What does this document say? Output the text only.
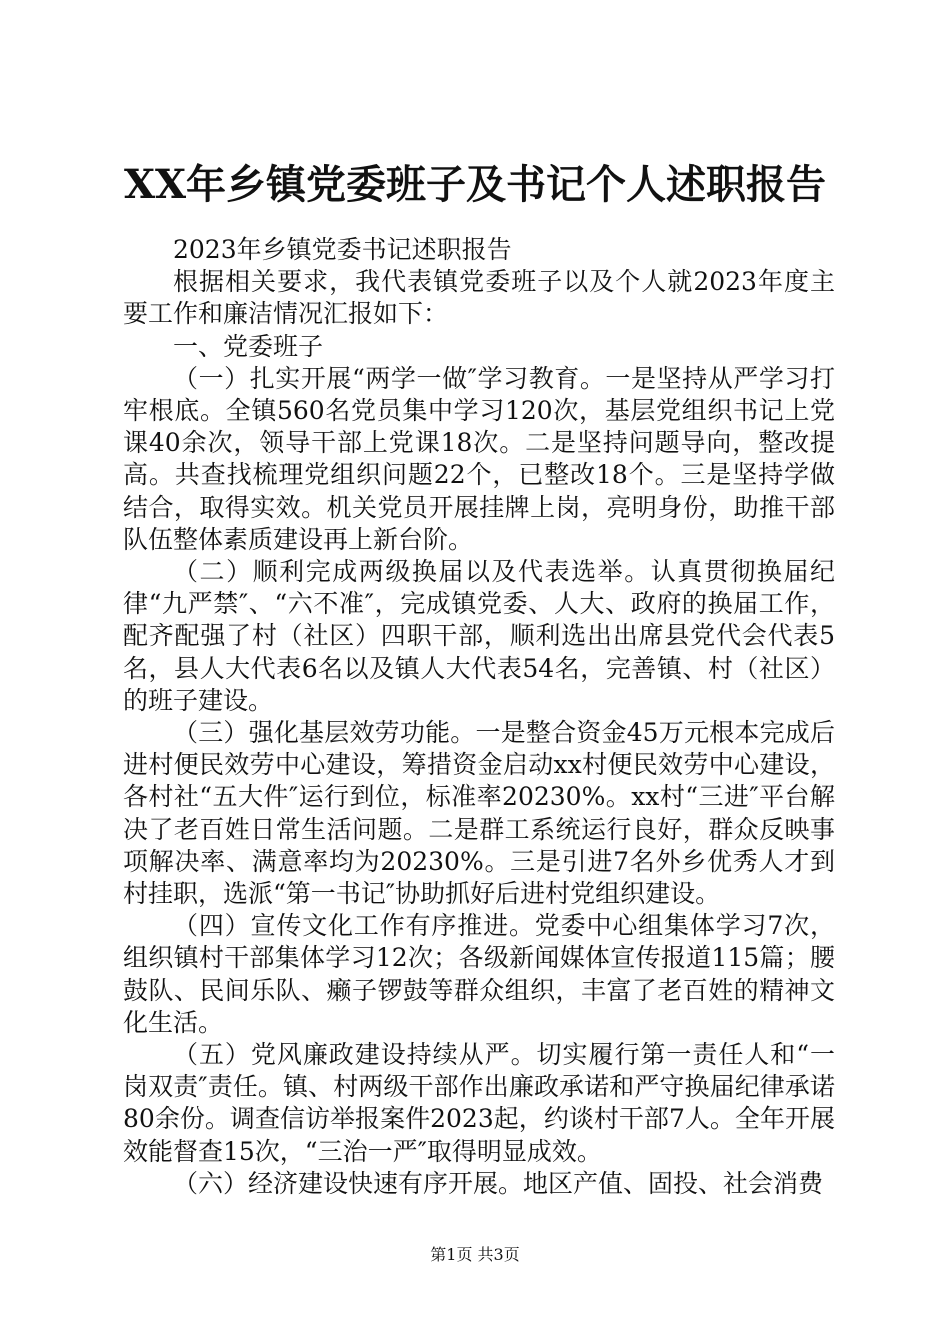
XX年乡镇党委班子及书记个人述职报告

2023年乡镇党委书记述职报告

根据相关要求，我代表镇党委班子以及个人就2023年度主要工作和廉洁情况汇报如下：

一、党委班子

（一）扎实开展“两学一做″学习教育。一是坚持从严学习打牢根底。全镇560名党员集中学习120次，基层党组织书记上党课40余次，领导干部上党课18次。二是坚持问题导向，整改提高。共查找梳理党组织问题22个，已整改18个。三是坚持学做结合，取得实效。机关党员开展挂牌上岗，亮明身份，助推干部队伍整体素质建设再上新台阶。

（二）顺利完成两级换届以及代表选举。认真贯彻换届纪律“九严禁″、“六不准″，完成镇党委、人大、政府的换届工作，配齐配强了村（社区）四职干部，顺利选出出席县党代会代表5名，县人大代表6名以及镇人大代表54名，完善镇、村（社区）的班子建设。

（三）强化基层效劳功能。一是整合资金45万元根本完成后进村便民效劳中心建设，筹措资金启动xx村便民效劳中心建设，各村社“五大件″运行到位，标准率20230%。xx村“三进″平台解决了老百姓日常生活问题。二是群工系统运行良好，群众反映事项解决率、满意率均为20230%。三是引进7名外乡优秀人才到村挂职，选派“第一书记″协助抓好后进村党组织建设。

（四）宣传文化工作有序推进。党委中心组集体学习7次，组织镇村干部集体学习12次；各级新闻媒体宣传报道115篇；腰鼓队、民间乐队、癞子锣鼓等群众组织，丰富了老百姓的精神文化生活。

（五）党风廉政建设持续从严。切实履行第一责任人和“一岗双责″责任。镇、村两级干部作出廉政承诺和严守换届纪律承诺80余份。调查信访举报案件2023起，约谈村干部7人。全年开展效能督查15次，“三治一严″取得明显成效。

（六）经济建设快速有序开展。地区产值、固投、社会消费

第1页 共3页
